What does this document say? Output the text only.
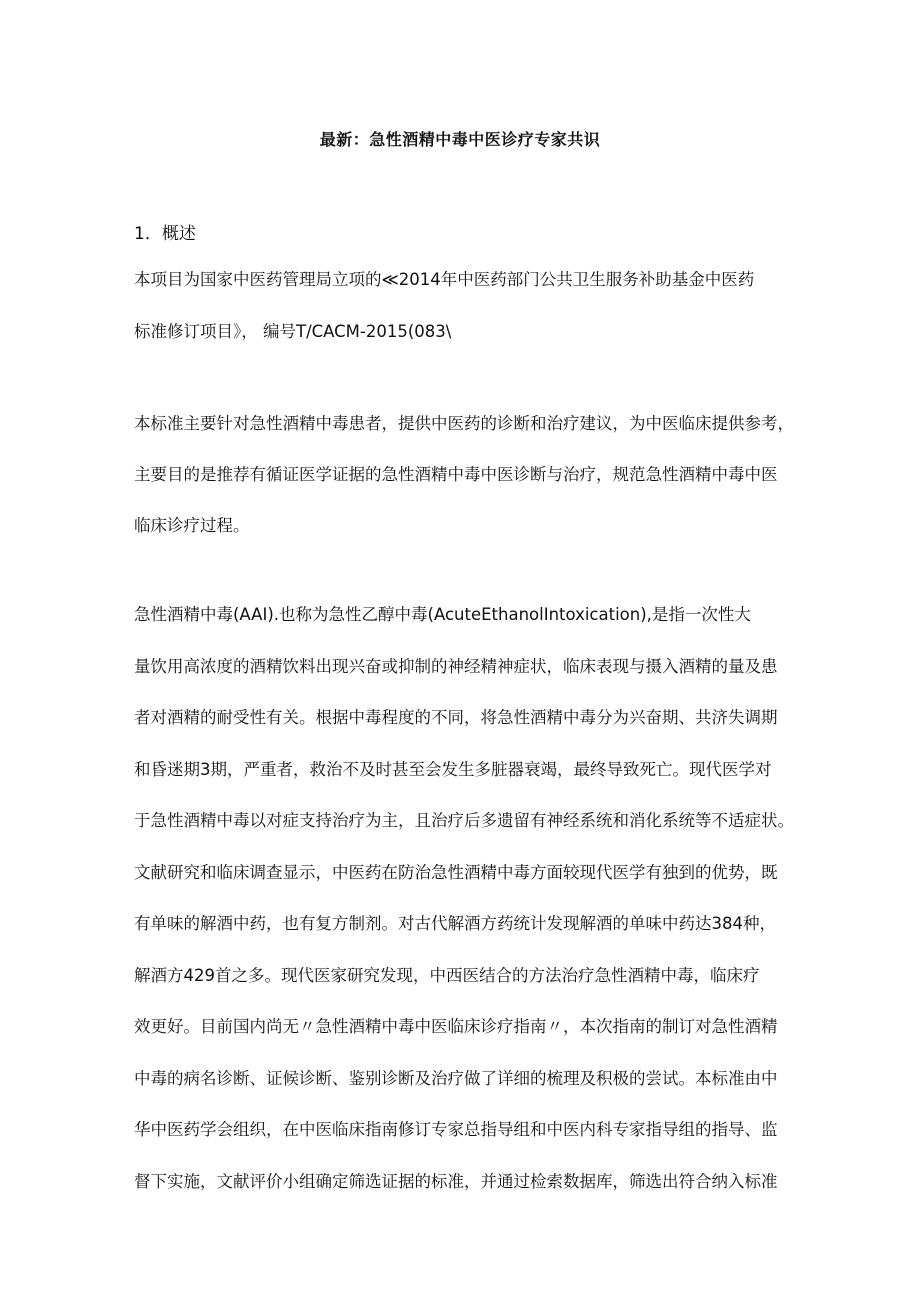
最新：急性酒精中毒中医诊疗专家共识
1．概述
本项目为国家中医药管理局立项的≪2014年中医药部门公共卫生服务补助基金中医药
标准修订项目》， 编号T/CACM-2015(083\
本标准主要针对急性酒精中毒患者，提供中医药的诊断和治疗建议，为中医临床提供参考，
主要目的是推荐有循证医学证据的急性酒精中毒中医诊断与治疗，规范急性酒精中毒中医
临床诊疗过程。
急性酒精中毒(AAI).也称为急性乙醇中毒(AcuteEthanolIntoxication),是指一次性大
量饮用高浓度的酒精饮料出现兴奋或抑制的神经精神症状，临床表现与摄入酒精的量及患
者对酒精的耐受性有关。根据中毒程度的不同，将急性酒精中毒分为兴奋期、共济失调期
和昏迷期3期，严重者，救治不及时甚至会发生多脏器衰竭，最终导致死亡。现代医学对
于急性酒精中毒以对症支持治疗为主，且治疗后多遗留有神经系统和消化系统等不适症状。
文献研究和临床调查显示，中医药在防治急性酒精中毒方面较现代医学有独到的优势，既
有单味的解酒中药，也有复方制剂。对古代解酒方药统计发现解酒的单味中药达384种，
解酒方429首之多。现代医家研究发现，中西医结合的方法治疗急性酒精中毒，临床疗
效更好。目前国内尚无〃急性酒精中毒中医临床诊疗指南〃，本次指南的制订对急性酒精
中毒的病名诊断、证候诊断、鉴别诊断及治疗做了详细的梳理及积极的尝试。本标准由中
华中医药学会组织，在中医临床指南修订专家总指导组和中医内科专家指导组的指导、监
督下实施，文献评价小组确定筛选证据的标准，并通过检索数据库，筛选出符合纳入标准
